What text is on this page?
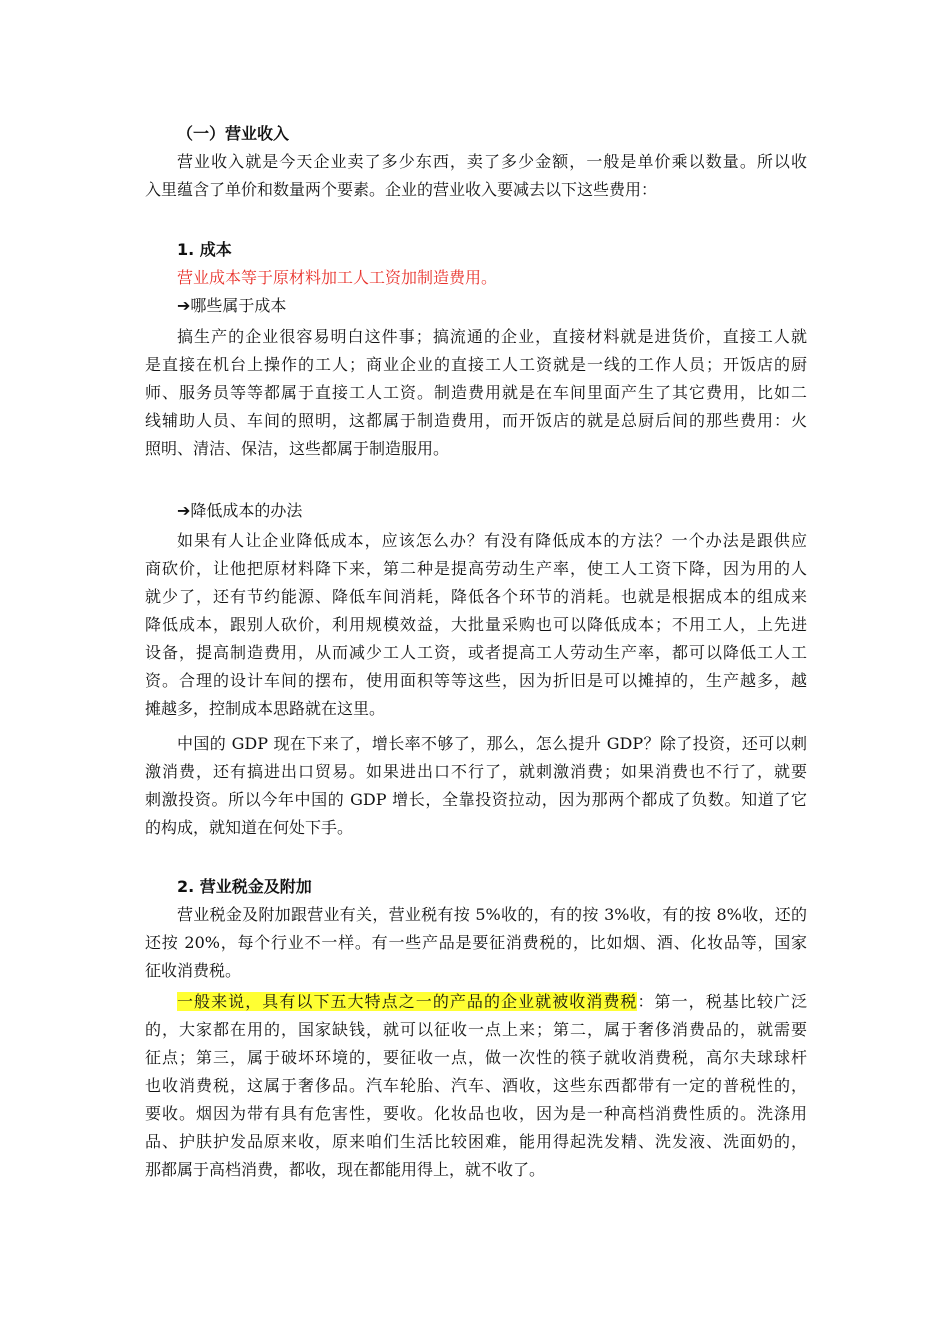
（一）营业收入
营业收入就是今天企业卖了多少东西，卖了多少金额，一般是单价乘以数量。所以收
入里蕴含了单价和数量两个要素。企业的营业收入要减去以下这些费用：
1. 成本
营业成本等于原材料加工人工资加制造费用。
➔哪些属于成本
搞生产的企业很容易明白这件事；搞流通的企业，直接材料就是进货价，直接工人就
是直接在机台上操作的工人；商业企业的直接工人工资就是一线的工作人员；开饭店的厨
师、服务员等等都属于直接工人工资。制造费用就是在车间里面产生了其它费用，比如二
线辅助人员、车间的照明，这都属于制造费用，而开饭店的就是总厨后间的那些费用：火
照明、清洁、保洁，这些都属于制造服用。
➔降低成本的办法
如果有人让企业降低成本，应该怎么办？有没有降低成本的方法？一个办法是跟供应
商砍价，让他把原材料降下来，第二种是提高劳动生产率，使工人工资下降，因为用的人
就少了，还有节约能源、降低车间消耗，降低各个环节的消耗。也就是根据成本的组成来
降低成本，跟别人砍价，利用规模效益，大批量采购也可以降低成本；不用工人，上先进
设备，提高制造费用，从而减少工人工资，或者提高工人劳动生产率，都可以降低工人工
资。合理的设计车间的摆布，使用面积等等这些，因为折旧是可以摊掉的，生产越多，越
摊越多，控制成本思路就在这里。
中国的 GDP 现在下来了，增长率不够了，那么，怎么提升 GDP？除了投资，还可以刺
激消费，还有搞进出口贸易。如果进出口不行了，就刺激消费；如果消费也不行了，就要
刺激投资。所以今年中国的 GDP 增长，全靠投资拉动，因为那两个都成了负数。知道了它
的构成，就知道在何处下手。
2. 营业税金及附加
营业税金及附加跟营业有关，营业税有按 5%收的，有的按 3%收，有的按 8%收，还的
还按 20%，每个行业不一样。有一些产品是要征消费税的，比如烟、酒、化妆品等，国家
征收消费税。
一般来说，具有以下五大特点之一的产品的企业就被收消费税：第一，税基比较广泛
的，大家都在用的，国家缺钱，就可以征收一点上来；第二，属于奢侈消费品的，就需要
征点；第三，属于破坏环境的，要征收一点，做一次性的筷子就收消费税，高尔夫球球杆
也收消费税，这属于奢侈品。汽车轮胎、汽车、酒收，这些东西都带有一定的普税性的，
要收。烟因为带有具有危害性，要收。化妆品也收，因为是一种高档消费性质的。洗涤用
品、护肤护发品原来收，原来咱们生活比较困难，能用得起洗发精、洗发液、洗面奶的，
那都属于高档消费，都收，现在都能用得上，就不收了。
